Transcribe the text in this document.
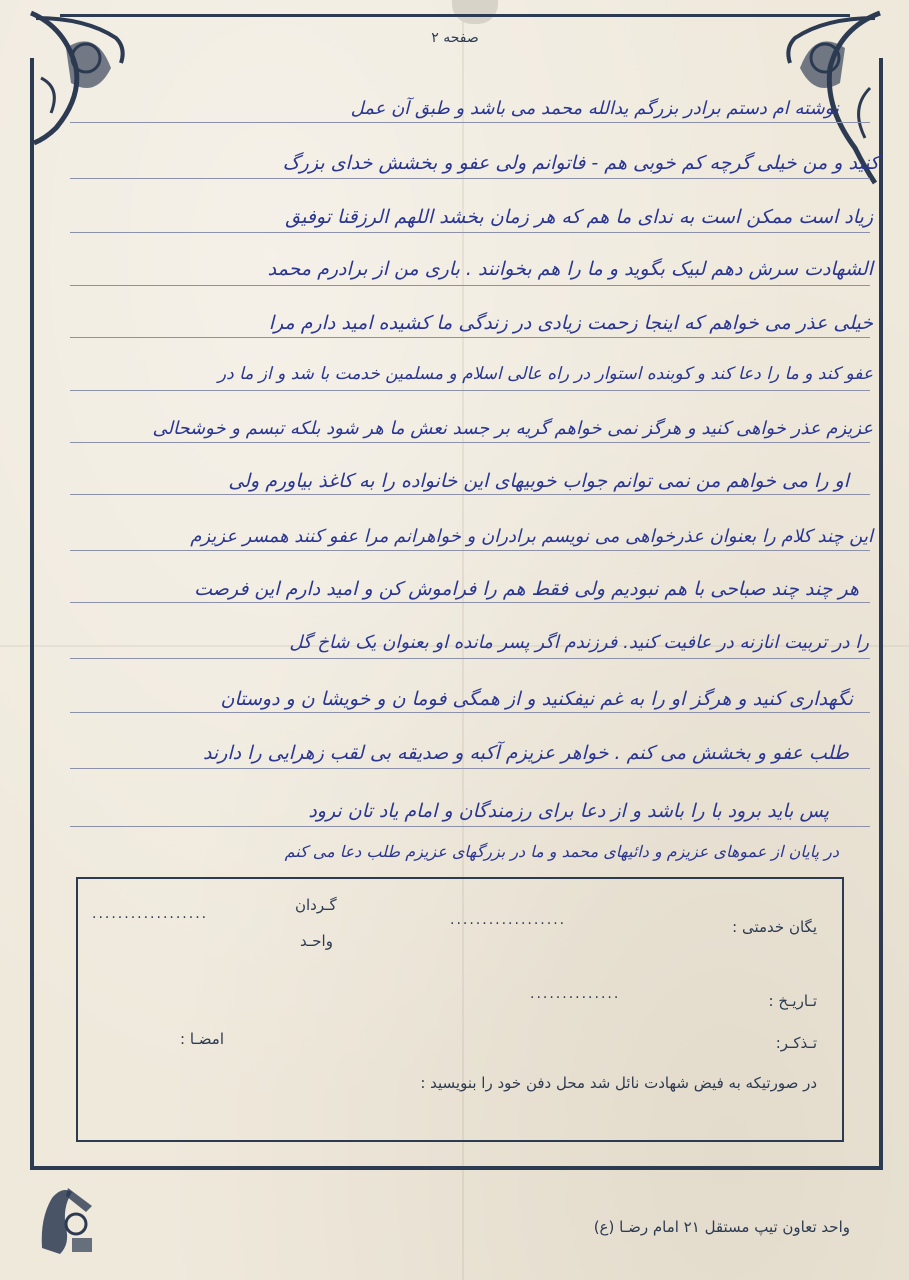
صفحه ۲
نوشته ام دستم برادر بزرگم یدالله محمد می باشد و طبق آن عمل
کنید و من خیلی گرچه کم خوبی هم - فاتوانم ولی عفو و بخشش خدای بزرگ
زیاد است ممکن است به ندای ما هم که هر زمان بخشد اللهم الرزقنا توفیق
الشهادت سرش دهم لبیک بگوید و ما را هم بخوانند . باری من از برادرم محمد
خیلی عذر می خواهم که اینجا زحمت زیادی در زندگی ما کشیده امید دارم مرا
عفو کند و ما را دعا کند و کوبنده استوار در راه عالی اسلام و مسلمین خدمت با شد و از ما در
عزیزم عذر خواهی کنید و هرگز نمی خواهم گریه بر جسد نعش ما هر شود بلکه تبسم و خوشحالی
او را می خواهم من نمی توانم جواب خوبیهای این خانواده را به کاغذ بیاورم ولی
این چند کلام را بعنوان عذرخواهی می نویسم برادران و خواهرانم مرا عفو کنند همسر عزیزم
هر چند چند صباحی با هم نبودیم ولی فقط هم را فراموش کن و امید دارم این فرصت
را در تربیت انازنه در عافیت کنید. فرزندم اگر پسر مانده او بعنوان یک شاخ گل
نگهداری کنید و هرگز او را به غم نیفکنید و از همگی فوما ن و خویشا ن و دوستان
طلب عفو و بخشش می کنم . خواهر عزیزم آکبه و صدیقه بی لقب زهرایی را دارند
پس باید برود با را باشد و از دعا برای رزمندگان و امام یاد تان نرود
در پایان از عموهای عزیزم و دائیهای محمد و ما در بزرگهای عزیزم طلب دعا می کنم
یگان خدمتی :
..................
گـردان
..................
واحـد
تـاریـخ :
..............
تـذکـر:
امضـا :
در صورتیکه به فیض شهادت نائل شد محل دفن خود را بنویسید :
واحد تعاون تیپ مستقل ۲۱ امام رضـا (ع)
